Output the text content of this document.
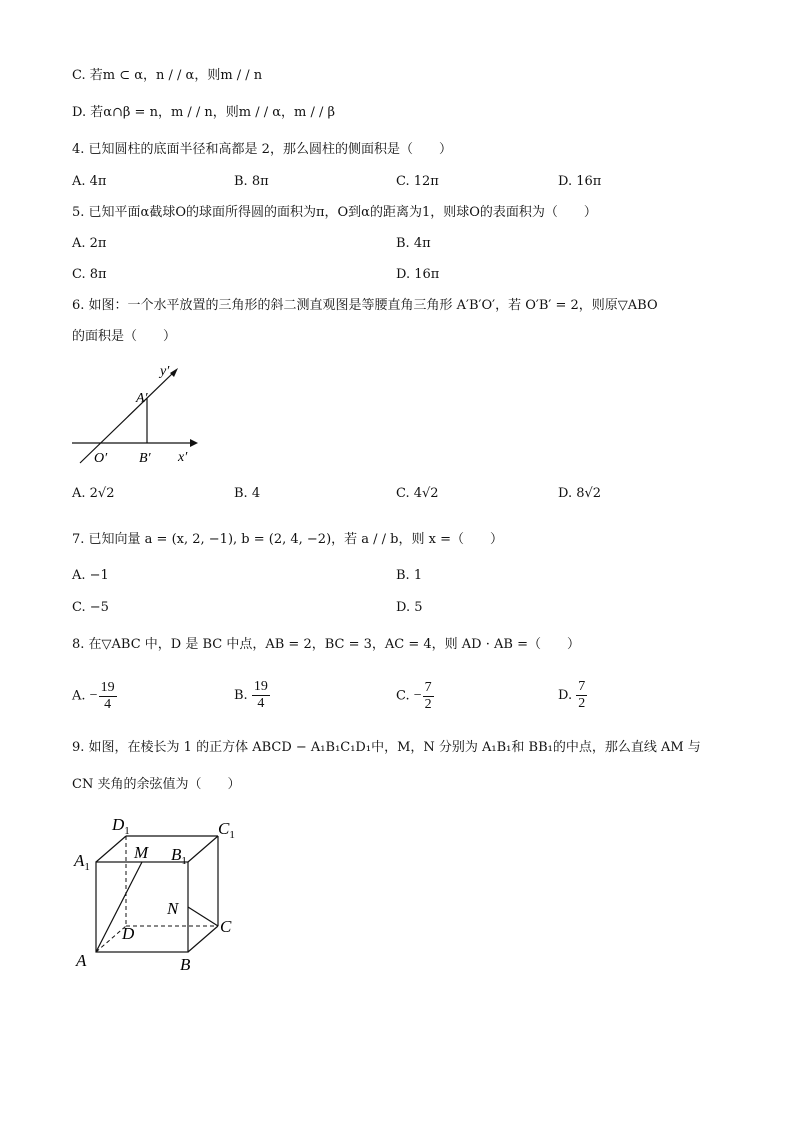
C. 若m ⊂ α，n / / α，则m / / n
D. 若α∩β = n，m / / n，则m / / α，m / / β
4. 已知圆柱的底面半径和高都是 2，那么圆柱的侧面积是（　　）
A. 4π	B. 8π	C. 12π	D. 16π
5. 已知平面α截球O的球面所得圆的面积为π，O到α的距离为1，则球O的表面积为（　　）
A. 2π	B. 4π
C. 8π	D. 16π
6. 如图：一个水平放置的三角形的斜二测直观图是等腰直角三角形 A′B′O′，若 O′B′ = 2，则原▽ABO
的面积是（　　）
y′
A′
x′
O′ B′
A. 2√2	B. 4	C. 4√2	D. 8√2
7. 已知向量 a = (x, 2, −1), b = (2, 4, −2)，若 a / / b，则 x =（　　）
A. −1	B. 1
C. −5	D. 5
8. 在▽ABC 中，D 是 BC 中点，AB = 2，BC = 3，AC = 4，则 AD · AB =（　　）
A. − $\frac{19}{4}$	B. $\frac{19}{4}$	C. − $\frac{7}{2}$	D. $\frac{7}{2}$
9. 如图，在棱长为 1 的正方体 ABCD − A₁B₁C₁D₁中，M，N 分别为 A₁B₁和 BB₁的中点，那么直线 AM 与
CN 夹角的余弦值为（　　）
$D_1$	$C_1$
$A_1$
M $B_1$
N
D	C
A	B
